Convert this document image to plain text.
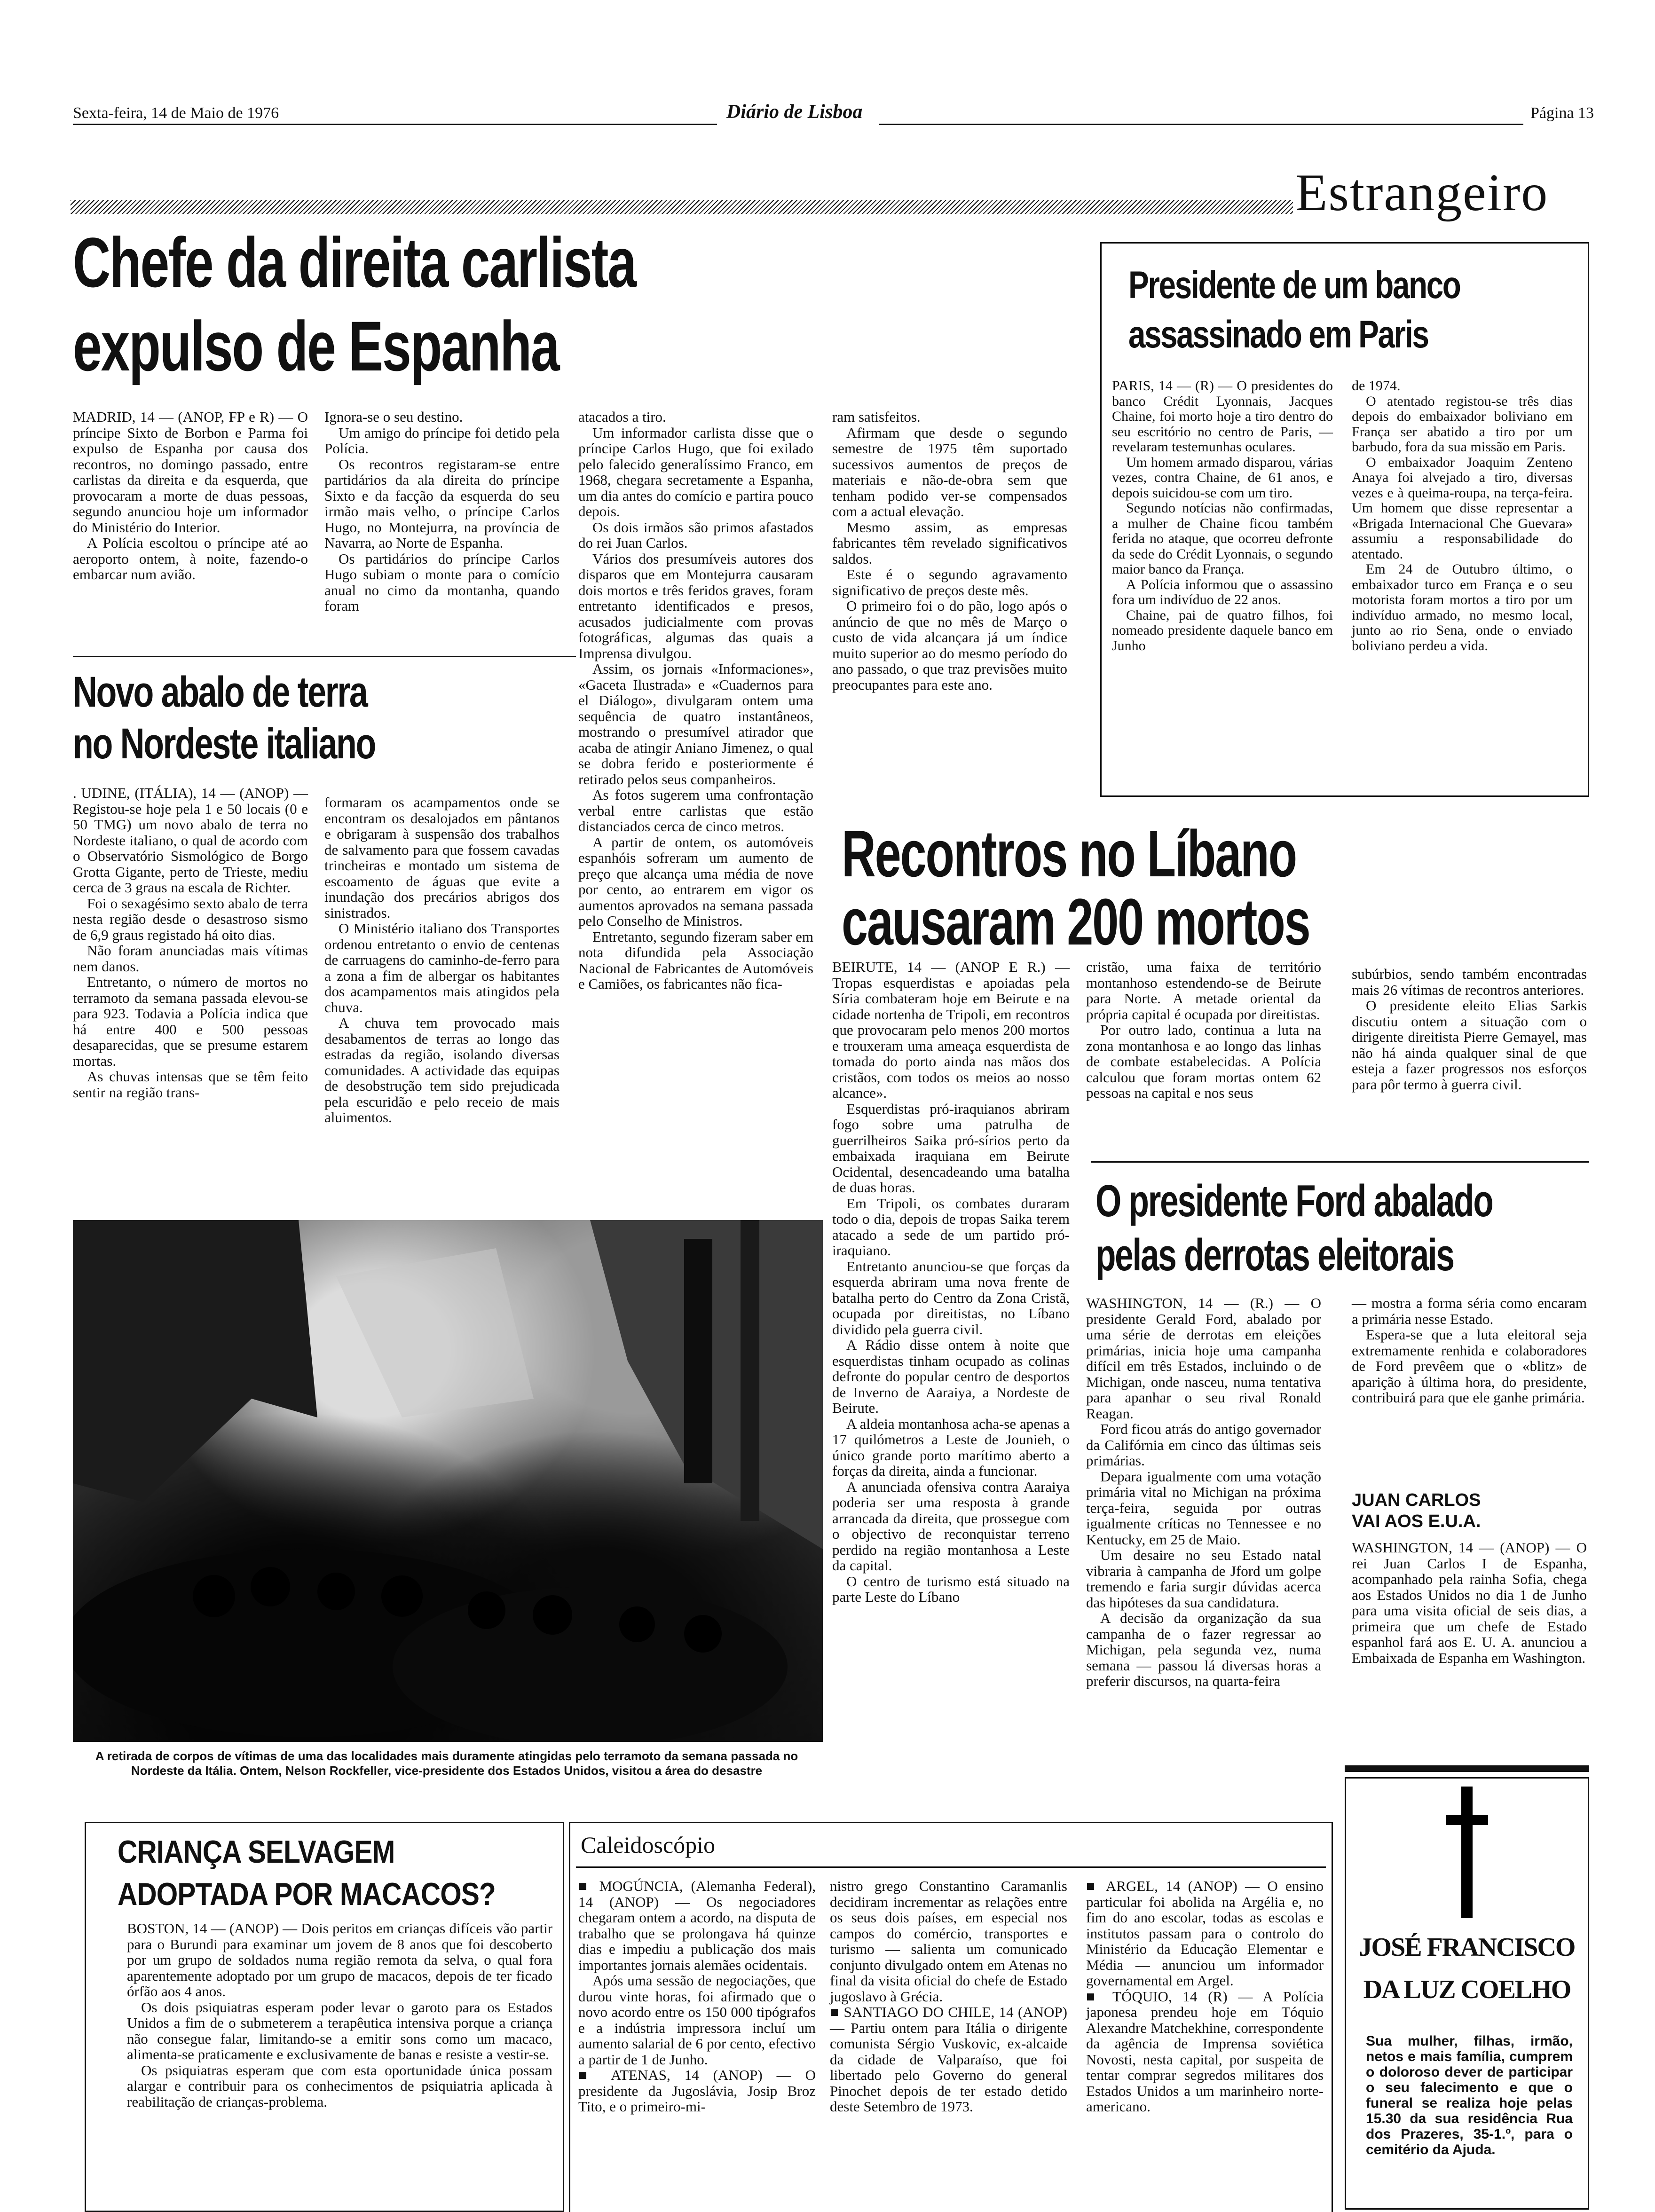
Sexta-feira, 14 de Maio de 1976	Diário de Lisboa	Página 13
Estrangeiro
Chefe da direita carlista
expulso de Espanha

MADRID, 14 — (ANOP, FP e R) — O príncipe Sixto de Borbon e Parma foi expulso de Espanha por causa dos recontros, no domingo passado, entre carlistas da direita e da esquerda, que provocaram a morte de duas pessoas, segundo anunciou hoje um informador do Ministério do Interior.

A Polícia escoltou o príncipe até ao aeroporto ontem, à noite, fazendo-o embarcar num avião.

Ignora-se o seu destino.

Um amigo do príncipe foi detido pela Polícia.

Os recontros registaram-se entre partidários da ala direita do príncipe Sixto e da facção da esquerda do seu irmão mais velho, o príncipe Carlos Hugo, no Montejurra, na província de Navarra, ao Norte de Espanha.

Os partidários do príncipe Carlos Hugo subiam o monte para o comício anual no cimo da montanha, quando foram

atacados a tiro.

Um informador carlista disse que o príncipe Carlos Hugo, que foi exilado pelo falecido generalíssimo Franco, em 1968, chegara secretamente a Espanha, um dia antes do comício e partira pouco depois.

Os dois irmãos são primos afastados do rei Juan Carlos.

Vários dos presumíveis autores dos disparos que em Montejurra causaram dois mortos e três feridos graves, foram entretanto identificados e presos, acusados judicialmente com provas fotográficas, algumas das quais a Imprensa divulgou.

Assim, os jornais «Informaciones», «Gaceta Ilustrada» e «Cuadernos para el Diálogo», divulgaram ontem uma sequência de quatro instantâneos, mostrando o presumível atirador que acaba de atingir Aniano Jimenez, o qual se dobra ferido e posteriormente é retirado pelos seus companheiros.

As fotos sugerem uma confrontação verbal entre carlistas que estão distanciados cerca de cinco metros.

A partir de ontem, os automóveis espanhóis sofreram um aumento de preço que alcança uma média de nove por cento, ao entrarem em vigor os aumentos aprovados na semana passada pelo Conselho de Ministros.

Entretanto, segundo fizeram saber em nota difundida pela Associação Nacional de Fabricantes de Automóveis e Camiões, os fabricantes não fica-

ram satisfeitos.

Afirmam que desde o segundo semestre de 1975 têm suportado sucessivos aumentos de preços de materiais e não-de-obra sem que tenham podido ver-se compensados com a actual elevação.

Mesmo assim, as empresas fabricantes têm revelado significativos saldos.

Este é o segundo agravamento significativo de preços deste mês.

O primeiro foi o do pão, logo após o anúncio de que no mês de Março o custo de vida alcançara já um índice muito superior ao do mesmo período do ano passado, o que traz previsões muito preocupantes para este ano.

Presidente de um banco
assassinado em Paris

PARIS, 14 — (R) — O presidentes do banco Crédit Lyonnais, Jacques Chaine, foi morto hoje a tiro dentro do seu escritório no centro de Paris, — revelaram testemunhas oculares.

Um homem armado disparou, várias vezes, contra Chaine, de 61 anos, e depois suicidou-se com um tiro.

Segundo notícias não confirmadas, a mulher de Chaine ficou também ferida no ataque, que ocorreu defronte da sede do Crédit Lyonnais, o segundo maior banco da França.

A Polícia informou que o assassino fora um indivíduo de 22 anos.

Chaine, pai de quatro filhos, foi nomeado presidente daquele banco em Junho

de 1974.

O atentado registou-se três dias depois do embaixador boliviano em França ser abatido a tiro por um barbudo, fora da sua missão em Paris.

O embaixador Joaquim Zenteno Anaya foi alvejado a tiro, diversas vezes e à queima-roupa, na terça-feira. Um homem que disse representar a «Brigada Internacional Che Guevara» assumiu a responsabilidade do atentado.

Em 24 de Outubro último, o embaixador turco em França e o seu motorista foram mortos a tiro por um indivíduo armado, no mesmo local, junto ao rio Sena, onde o enviado boliviano perdeu a vida.

Novo abalo de terra
no Nordeste italiano

. UDINE, (ITÁLIA), 14 — (ANOP) — Registou-se hoje pela 1 e 50 locais (0 e 50 TMG) um novo abalo de terra no Nordeste italiano, o qual de acordo com o Observatório Sismológico de Borgo Grotta Gigante, perto de Trieste, mediu cerca de 3 graus na escala de Richter.

Foi o sexagésimo sexto abalo de terra nesta região desde o desastroso sismo de 6,9 graus registado há oito dias.

Não foram anunciadas mais vítimas nem danos.

Entretanto, o número de mortos no terramoto da semana passada elevou-se para 923. Todavia a Polícia indica que há entre 400 e 500 pessoas desaparecidas, que se presume estarem mortas.

As chuvas intensas que se têm feito sentir na região trans-

formaram os acampamentos onde se encontram os desalojados em pântanos e obrigaram à suspensão dos trabalhos de salvamento para que fossem cavadas trincheiras e montado um sistema de escoamento de águas que evite a inundação dos precários abrigos dos sinistrados.

O Ministério italiano dos Transportes ordenou entretanto o envio de centenas de carruagens do caminho-de-ferro para a zona a fim de albergar os habitantes dos acampamentos mais atingidos pela chuva.

A chuva tem provocado mais desabamentos de terras ao longo das estradas da região, isolando diversas comunidades. A actividade das equipas de desobstrução tem sido prejudicada pela escuridão e pelo receio de mais aluimentos.

Recontros no Líbano
causaram 200 mortos

BEIRUTE, 14 — (ANOP E R.) — Tropas esquerdistas e apoiadas pela Síria combateram hoje em Beirute e na cidade nortenha de Tripoli, em recontros que provocaram pelo menos 200 mortos e trouxeram uma ameaça esquerdista de tomada do porto ainda nas mãos dos cristãos, com todos os meios ao nosso alcance».

Esquerdistas pró-iraquianos abriram fogo sobre uma patrulha de guerrilheiros Saika pró-sírios perto da embaixada iraquiana em Beirute Ocidental, desencadeando uma batalha de duas horas.

Em Tripoli, os combates duraram todo o dia, depois de tropas Saika terem atacado a sede de um partido pró-iraquiano.

Entretanto anunciou-se que forças da esquerda abriram uma nova frente de batalha perto do Centro da Zona Cristã, ocupada por direitistas, no Líbano dividido pela guerra civil.

A Rádio disse ontem à noite que esquerdistas tinham ocupado as colinas defronte do popular centro de desportos de Inverno de Aaraiya, a Nordeste de Beirute.

A aldeia montanhosa acha-se apenas a 17 quilómetros a Leste de Jounieh, o único grande porto marítimo aberto a forças da direita, ainda a funcionar.

A anunciada ofensiva contra Aaraiya poderia ser uma resposta à grande arrancada da direita, que prossegue com o objectivo de reconquistar terreno perdido na região montanhosa a Leste da capital.

O centro de turismo está situado na parte Leste do Líbano

cristão, uma faixa de território montanhoso estendendo-se de Beirute para Norte. A metade oriental da própria capital é ocupada por direitistas.

Por outro lado, continua a luta na zona montanhosa e ao longo das linhas de combate estabelecidas. A Polícia calculou que foram mortas ontem 62 pessoas na capital e nos seus

subúrbios, sendo também encontradas mais 26 vítimas de recontros anteriores.

O presidente eleito Elias Sarkis discutiu ontem a situação com o dirigente direitista Pierre Gemayel, mas não há ainda qualquer sinal de que esteja a fazer progressos nos esforços para pôr termo à guerra civil.

O presidente Ford abalado
pelas derrotas eleitorais

WASHINGTON, 14 — (R.) — O presidente Gerald Ford, abalado por uma série de derrotas em eleições primárias, inicia hoje uma campanha difícil em três Estados, incluindo o de Michigan, onde nasceu, numa tentativa para apanhar o seu rival Ronald Reagan.

Ford ficou atrás do antigo governador da Califórnia em cinco das últimas seis primárias.

Depara igualmente com uma votação primária vital no Michigan na próxima terça-feira, seguida por outras igualmente críticas no Tennessee e no Kentucky, em 25 de Maio.

Um desaire no seu Estado natal vibraria à campanha de Jford um golpe tremendo e faria surgir dúvidas acerca das hipóteses da sua candidatura.

A decisão da organização da sua campanha de o fazer regressar ao Michigan, pela segunda vez, numa semana — passou lá diversas horas a preferir discursos, na quarta-feira

— mostra a forma séria como encaram a primária nesse Estado.

Espera-se que a luta eleitoral seja extremamente renhida e colaboradores de Ford prevêem que o «blitz» de aparição à última hora, do presidente, contribuirá para que ele ganhe primária.

JUAN CARLOS
VAI AOS E.U.A.

WASHINGTON, 14 — (ANOP) — O rei Juan Carlos I de Espanha, acompanhado pela rainha Sofia, chega aos Estados Unidos no dia 1 de Junho para uma visita oficial de seis dias, a primeira que um chefe de Estado espanhol fará aos E. U. A. anunciou a Embaixada de Espanha em Washington.

A retirada de corpos de vítimas de uma das localidades mais duramente atingidas pelo terramoto da semana passada no Nordeste da Itália. Ontem, Nelson Rockfeller, vice-presidente dos Estados Unidos, visitou a área do desastre
CRIANÇA SELVAGEM
ADOPTADA POR MACACOS?

BOSTON, 14 — (ANOP) — Dois peritos em crianças difíceis vão partir para o Burundi para examinar um jovem de 8 anos que foi descoberto por um grupo de soldados numa região remota da selva, o qual fora aparentemente adoptado por um grupo de macacos, depois de ter ficado órfão aos 4 anos.

Os dois psiquiatras esperam poder levar o garoto para os Estados Unidos a fim de o submeterem a terapêutica intensiva porque a criança não consegue falar, limitando-se a emitir sons como um macaco, alimenta-se praticamente e exclusivamente de banas e resiste a vestir-se.

Os psiquiatras esperam que com esta oportunidade única possam alargar e contribuir para os conhecimentos de psiquiatria aplicada à reabilitação de crianças-problema.

Caleidoscópio

■ MOGÚNCIA, (Alemanha Federal), 14 (ANOP) — Os negociadores chegaram ontem a acordo, na disputa de trabalho que se prolongava há quinze dias e impediu a publicação dos mais importantes jornais alemães ocidentais.

Após uma sessão de negociações, que durou vinte horas, foi afirmado que o novo acordo entre os 150 000 tipógrafos e a indústria impressora incluí um aumento salarial de 6 por cento, efectivo a partir de 1 de Junho.

■ ATENAS, 14 (ANOP) — O presidente da Jugoslávia, Josip Broz Tito, e o primeiro-mi-

nistro grego Constantino Caramanlis decidiram incrementar as relações entre os seus dois países, em especial nos campos do comércio, transportes e turismo — salienta um comunicado conjunto divulgado ontem em Atenas no final da visita oficial do chefe de Estado jugoslavo à Grécia.

■ SANTIAGO DO CHILE, 14 (ANOP) — Partiu ontem para Itália o dirigente comunista Sérgio Vuskovic, ex-alcaide da cidade de Valparaíso, que foi libertado pelo Governo do general Pinochet depois de ter estado detido deste Setembro de 1973.

■ ARGEL, 14 (ANOP) — O ensino particular foi abolida na Argélia e, no fim do ano escolar, todas as escolas e institutos passam para o controlo do Ministério da Educação Elementar e Média — anunciou um informador governamental em Argel.

■ TÓQUIO, 14 (R) — A Polícia japonesa prendeu hoje em Tóquio Alexandre Matchekhine, correspondente da agência de Imprensa soviética Novosti, nesta capital, por suspeita de tentar comprar segredos militares dos Estados Unidos a um marinheiro norte-americano.

JOSÉ FRANCISCO
DA LUZ COELHO
Sua mulher, filhas, irmão, netos e mais família, cumprem o doloroso dever de participar o seu falecimento e que o funeral se realiza hoje pelas 15.30 da sua residência Rua dos Prazeres, 35-1.º, para o cemitério da Ajuda.
